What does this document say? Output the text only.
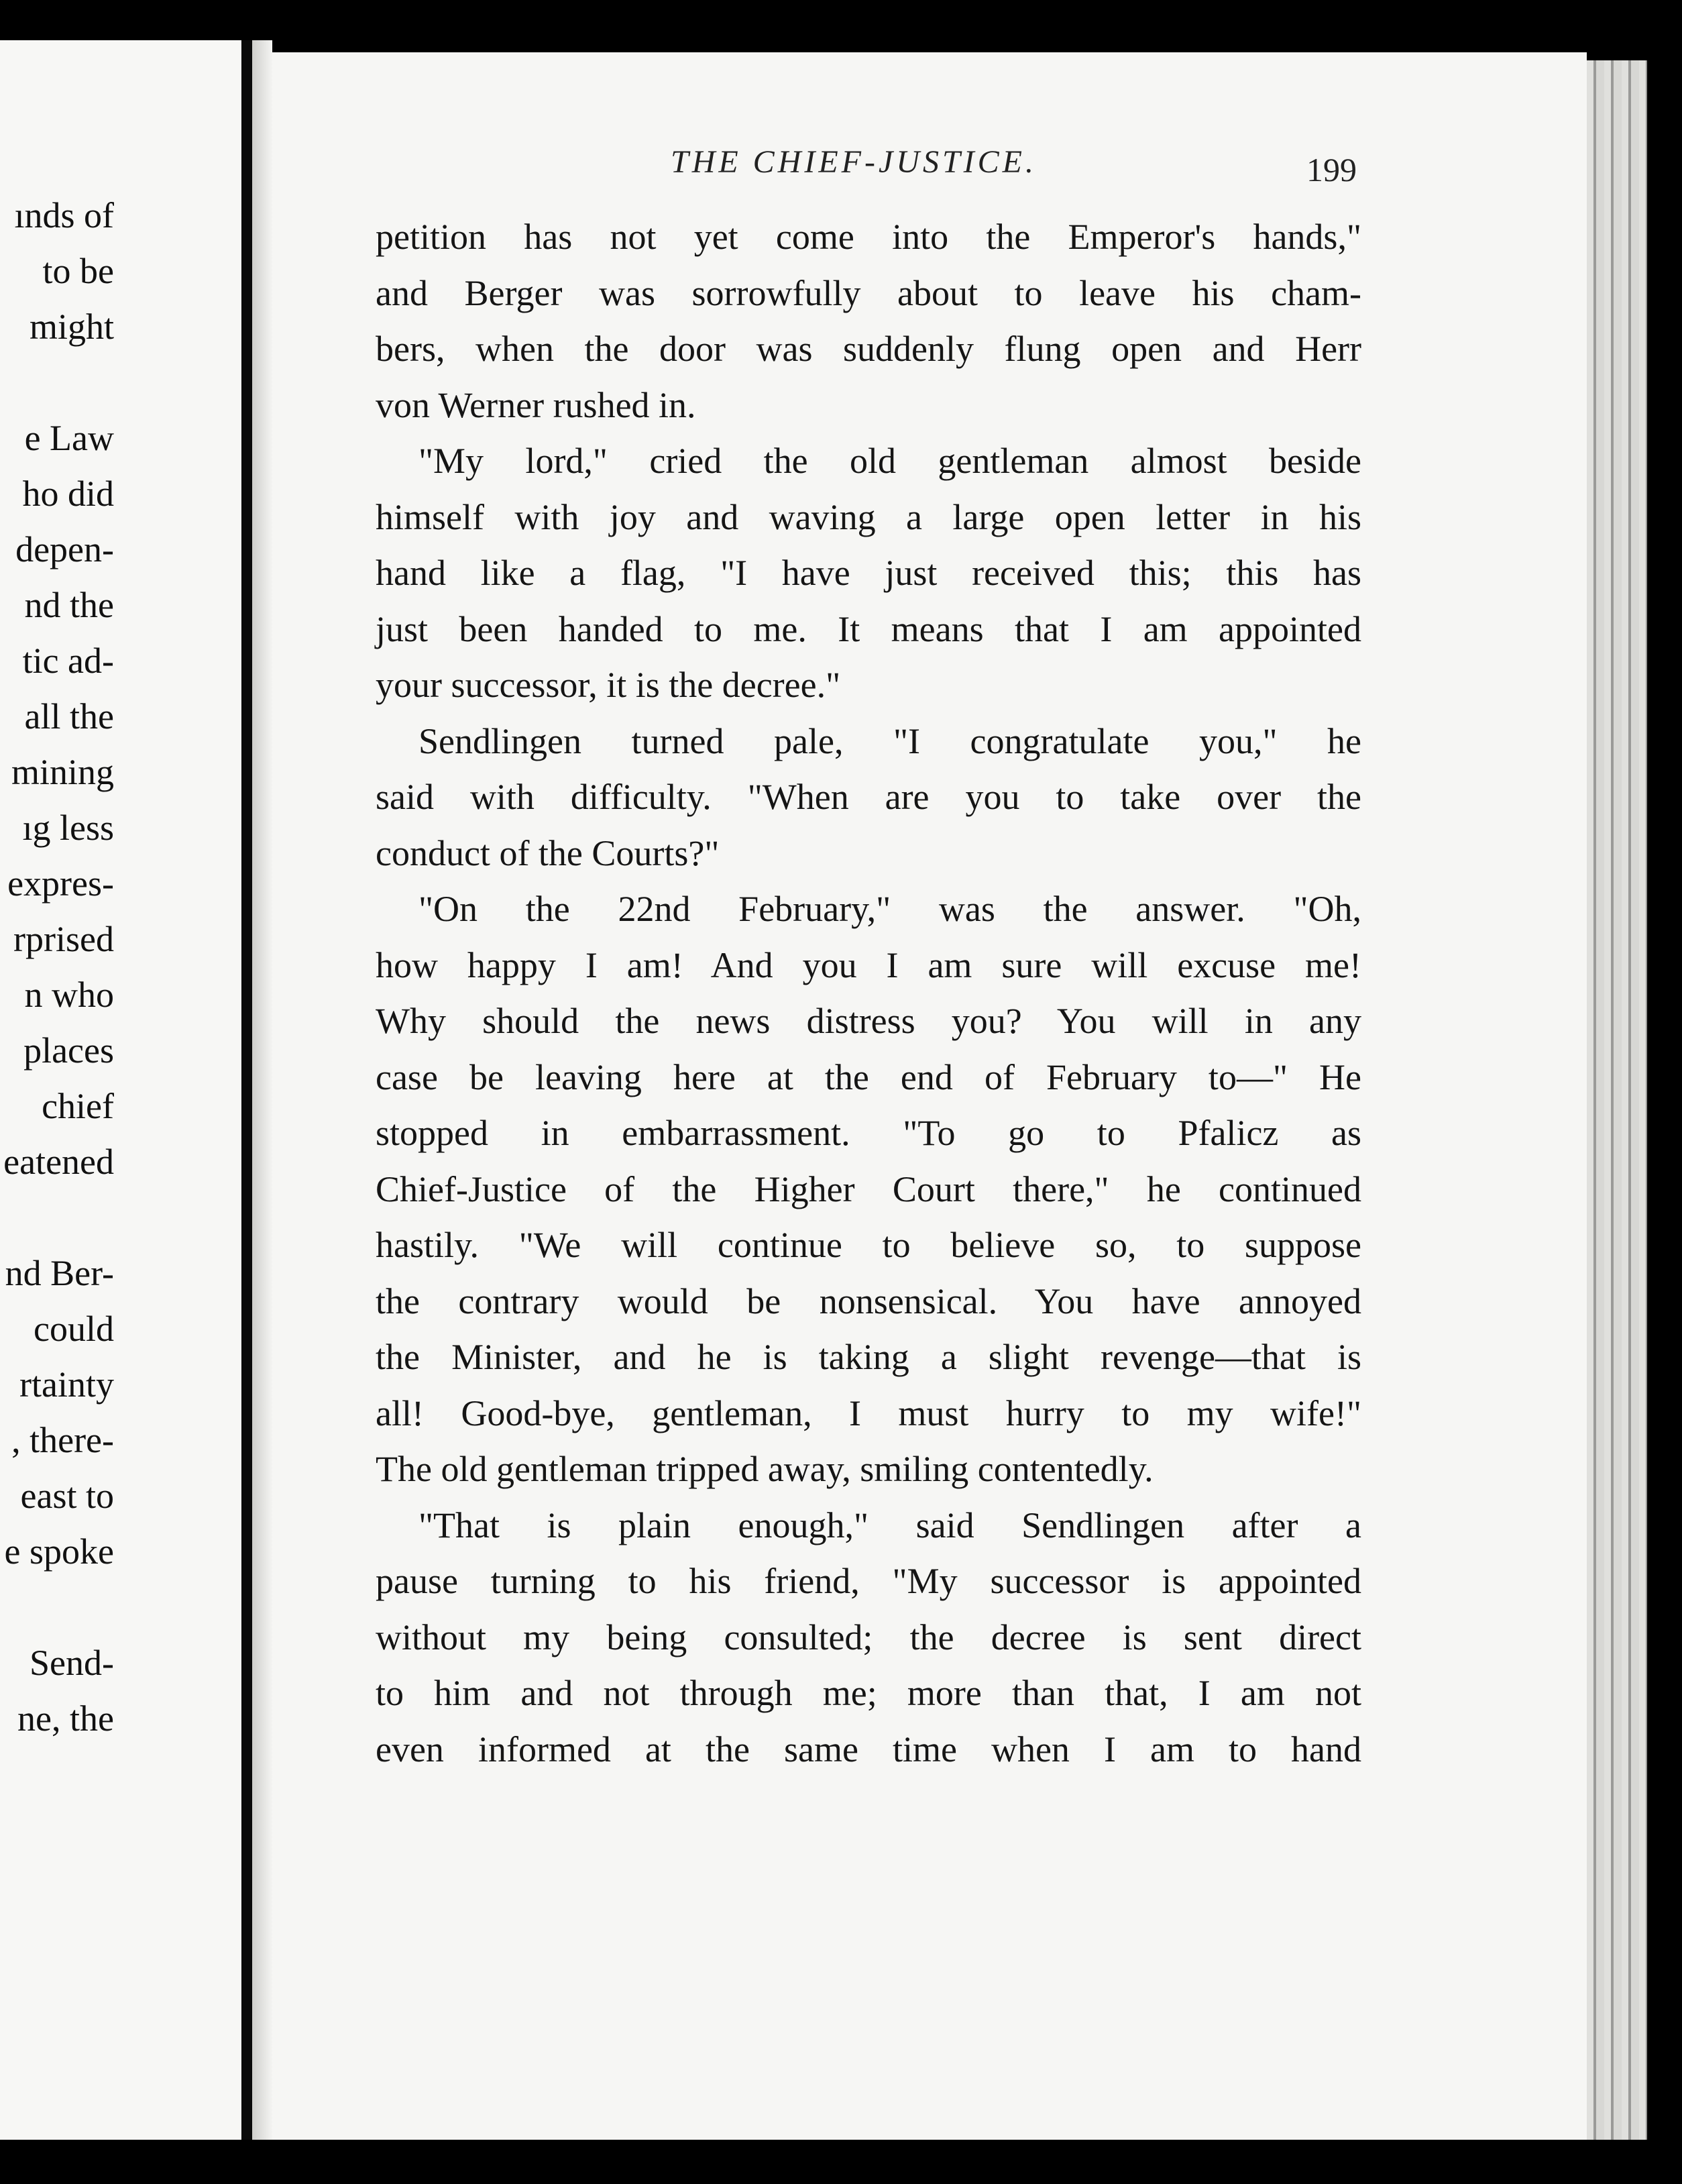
ınds of
to be
might
e Law
ho did
depen-
nd the
tic ad-
all the
mining
ıg less
expres-
rprised
n who
places
chief
eatened
nd Ber-
could
rtainty
, there-
east to
e spoke
Send-
ne, the
THE CHIEF-JUSTICE.	199
petition has not yet come into the Emperor's hands,"
and Berger was sorrowfully about to leave his cham-
bers, when the door was suddenly flung open and Herr
von Werner rushed in.
"My lord," cried the old gentleman almost beside
himself with joy and waving a large open letter in his
hand like a flag, "I have just received this; this has
just been handed to me. It means that I am appointed
your successor, it is the decree."
Sendlingen turned pale, "I congratulate you," he
said with difficulty. "When are you to take over the
conduct of the Courts?"
"On the 22nd February," was the answer. "Oh,
how happy I am! And you I am sure will excuse me!
Why should the news distress you? You will in any
case be leaving here at the end of February to—" He
stopped in embarrassment. "To go to Pfalicz as
Chief-Justice of the Higher Court there," he continued
hastily. "We will continue to believe so, to suppose
the contrary would be nonsensical. You have annoyed
the Minister, and he is taking a slight revenge—that is
all! Good-bye, gentleman, I must hurry to my wife!"
The old gentleman tripped away, smiling contentedly.
"That is plain enough," said Sendlingen after a
pause turning to his friend, "My successor is appointed
without my being consulted; the decree is sent direct
to him and not through me; more than that, I am not
even informed at the same time when I am to hand
